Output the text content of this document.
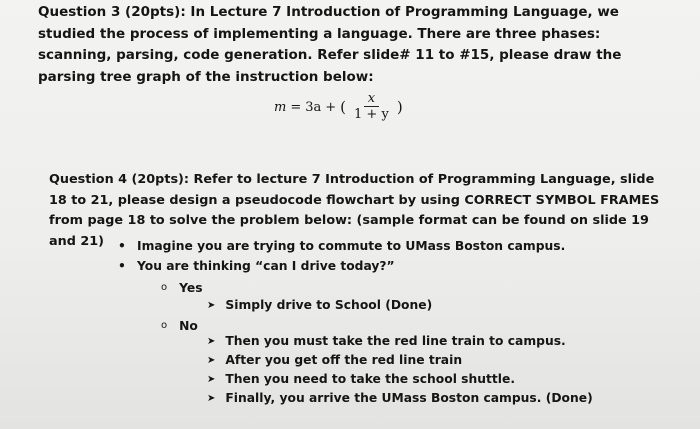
Question 3 (20pts): In Lecture 7 Introduction of Programming Language, we studied the process of implementing a language. There are three phases: scanning, parsing, code generation. Refer slide# 11 to #15, please draw the parsing tree graph of the instruction below:
m = 3a + ( $\frac{x}{1 + y}$ )
Question 4 (20pts): Refer to lecture 7 Introduction of Programming Language, slide 18 to 21, please design a pseudocode flowchart by using CORRECT SYMBOL FRAMES from page 18 to solve the problem below: (sample format can be found on slide 19 and 21)	• Imagine you are trying to commute to UMass Boston campus.
• You are thinking “can I drive today?”
o Yes
➤ Simply drive to School (Done)
o No
➤ Then you must take the red line train to campus.
➤ After you get off the red line train
➤ Then you need to take the school shuttle.
➤ Finally, you arrive the UMass Boston campus. (Done)
